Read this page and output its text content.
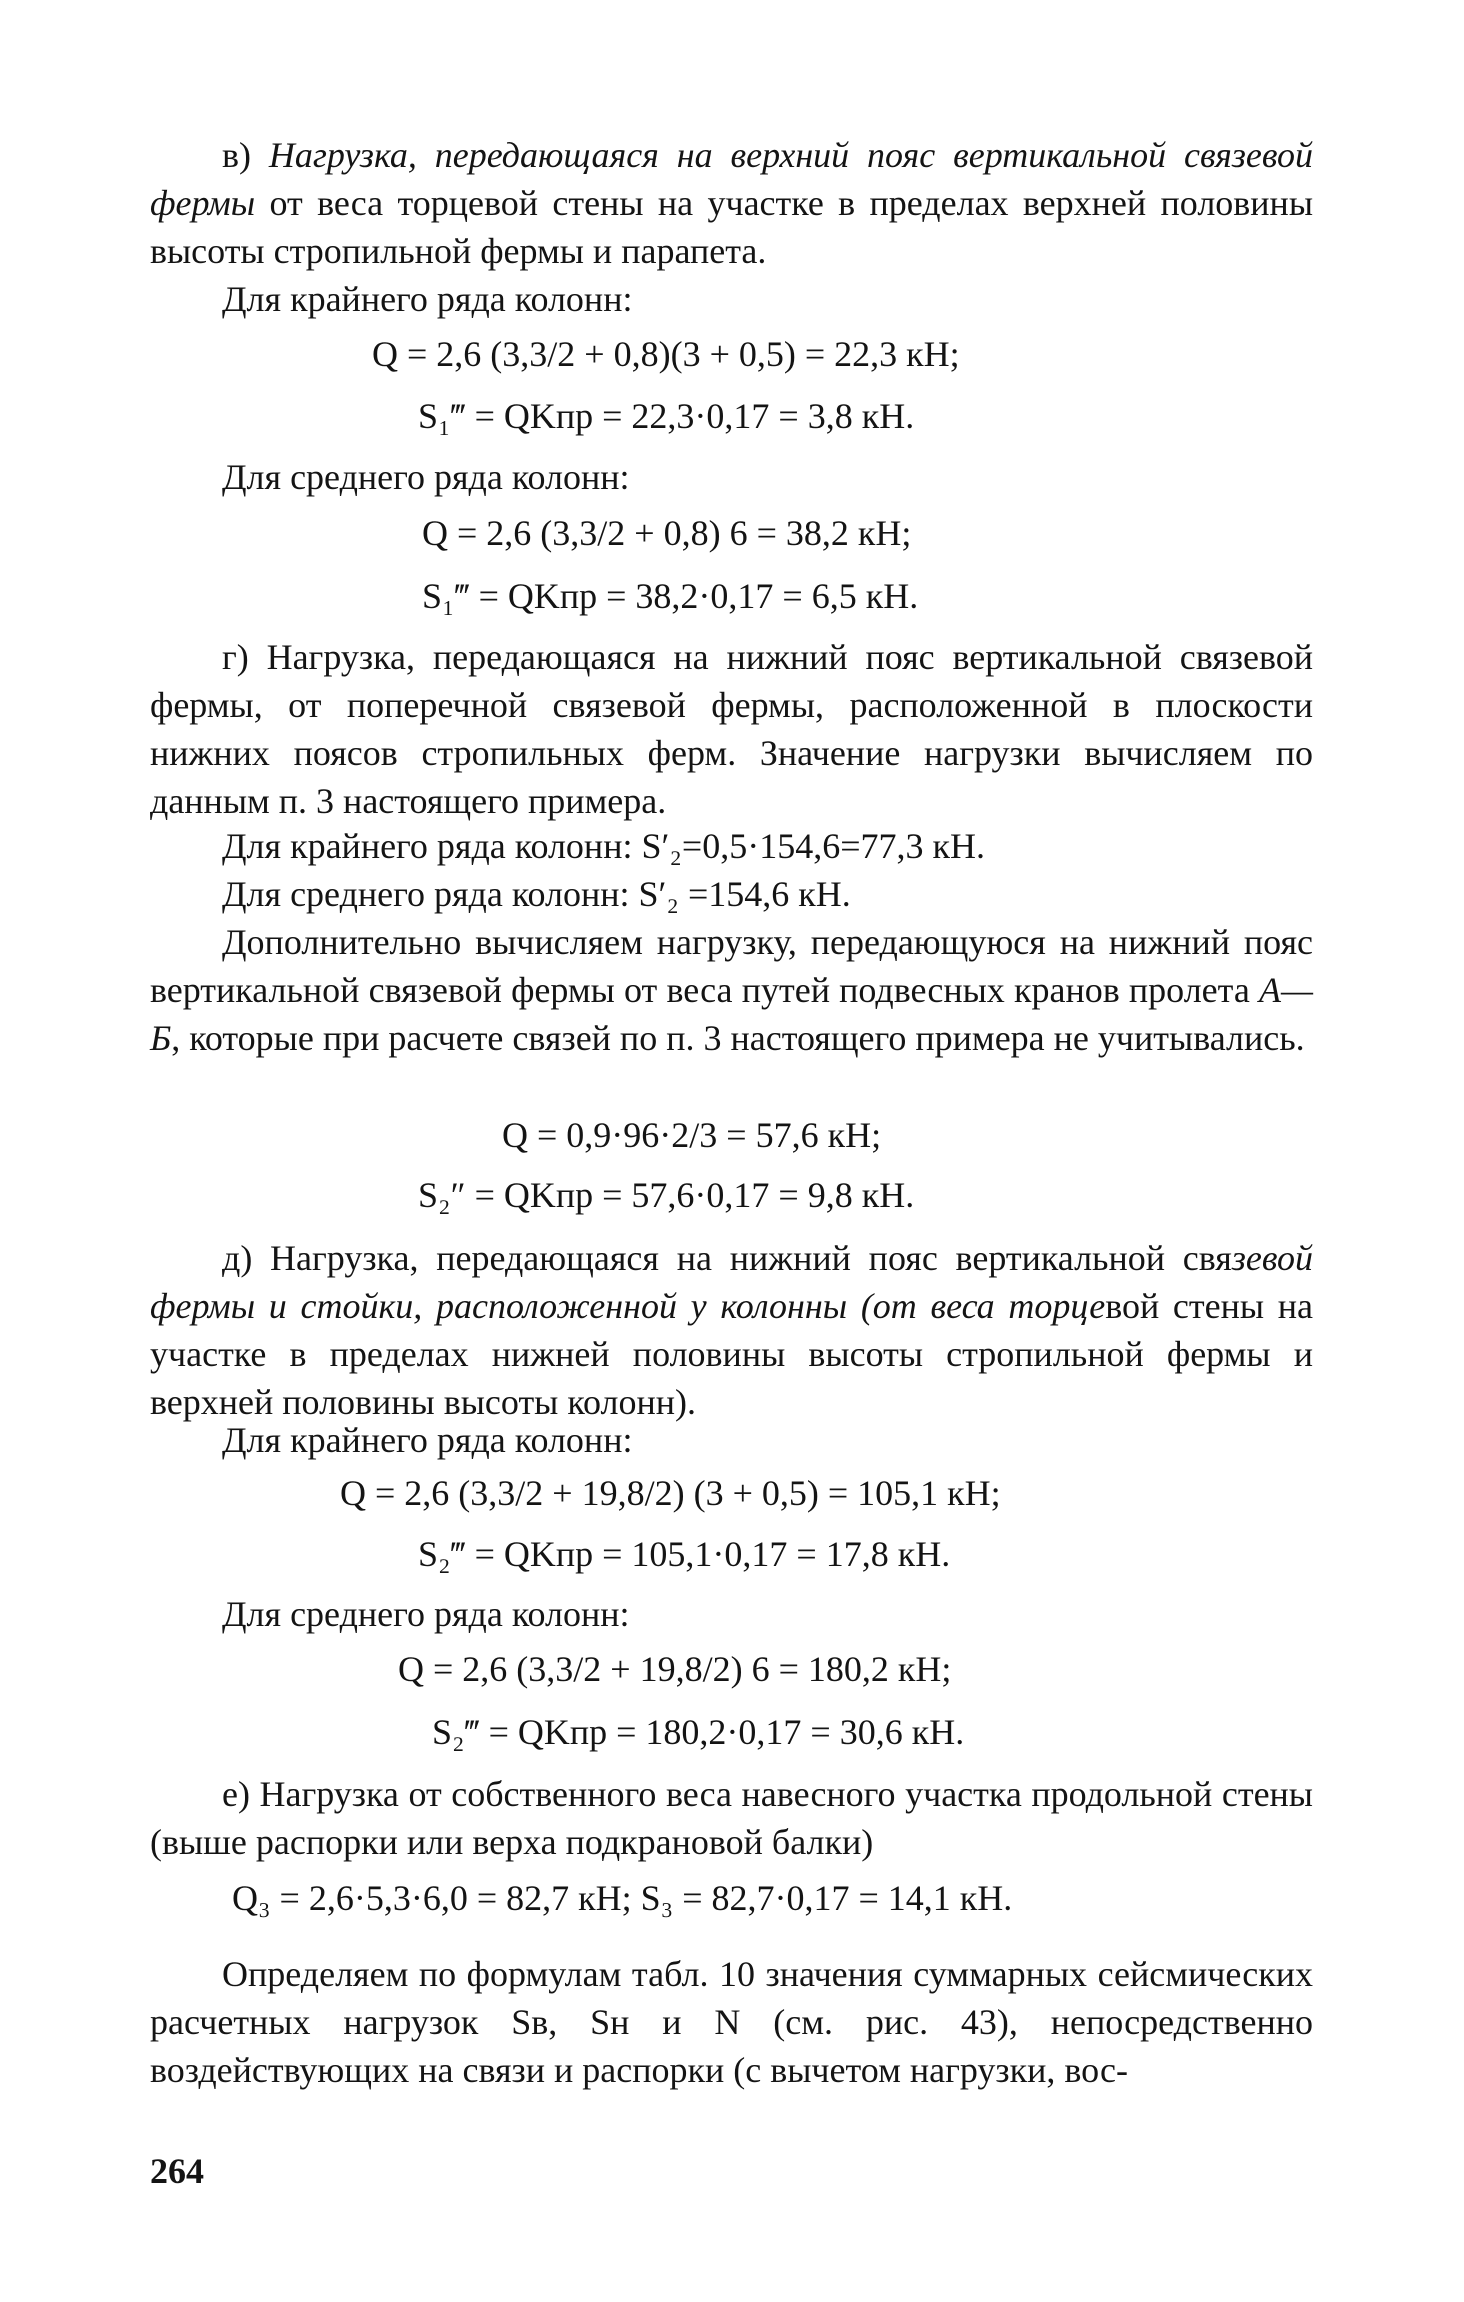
в) Нагрузка, передающаяся на верхний пояс вертикальной связевой фермы от веса торцевой стены на участке в пределах верхней половины высоты стропильной фермы и парапета.

Для крайнего ряда колонн:

Q = 2,6 (3,3/2 + 0,8)(3 + 0,5) = 22,3 кН;

S₁‴ = QKпр = 22,3·0,17 = 3,8 кН.

Для среднего ряда колонн:

Q = 2,6 (3,3/2 + 0,8) 6 = 38,2 кН;

S₁‴ = QKпр = 38,2·0,17 = 6,5 кН.

г) Нагрузка, передающаяся на нижний пояс вертикальной связевой фермы, от поперечной связевой фермы, расположенной в плоскости нижних поясов стропильных ферм. Значение нагрузки вычисляем по данным п. 3 настоящего примера.

Для крайнего ряда колонн: S′₂=0,5·154,6=77,3 кН.

Для среднего ряда колонн: S′₂ =154,6 кН.

Дополнительно вычисляем нагрузку, передающуюся на нижний пояс вертикальной связевой фермы от веса путей подвесных кранов пролета А—Б, которые при расчете связей по п. 3 настоящего примера не учитывались.

Q = 0,9·96·2/3 = 57,6 кН;

S₂″ = QKпр = 57,6·0,17 = 9,8 кН.

д) Нагрузка, передающаяся на нижний пояс вертикальной связевой фермы и стойки, расположенной у колонны (от веса торцевой стены на участке в пределах нижней половины высоты стропильной фермы и верхней половины высоты колонн).

Для крайнего ряда колонн:

Q = 2,6 (3,3/2 + 19,8/2) (3 + 0,5) = 105,1 кН;

S₂‴ = QKпр = 105,1·0,17 = 17,8 кН.

Для среднего ряда колонн:

Q = 2,6 (3,3/2 + 19,8/2) 6 = 180,2 кН;

S₂‴ = QKпр = 180,2·0,17 = 30,6 кН.

е) Нагрузка от собственного веса навесного участка продольной стены (выше распорки или верха подкрановой балки)

Q₃ = 2,6·5,3·6,0 = 82,7 кН; S₃ = 82,7·0,17 = 14,1 кН.

Определяем по формулам табл. 10 значения суммарных сейсмических расчетных нагрузок Sв, Sн и N (см. рис. 43), непосредственно воздействующих на связи и распорки (с вычетом нагрузки, вос-

264
